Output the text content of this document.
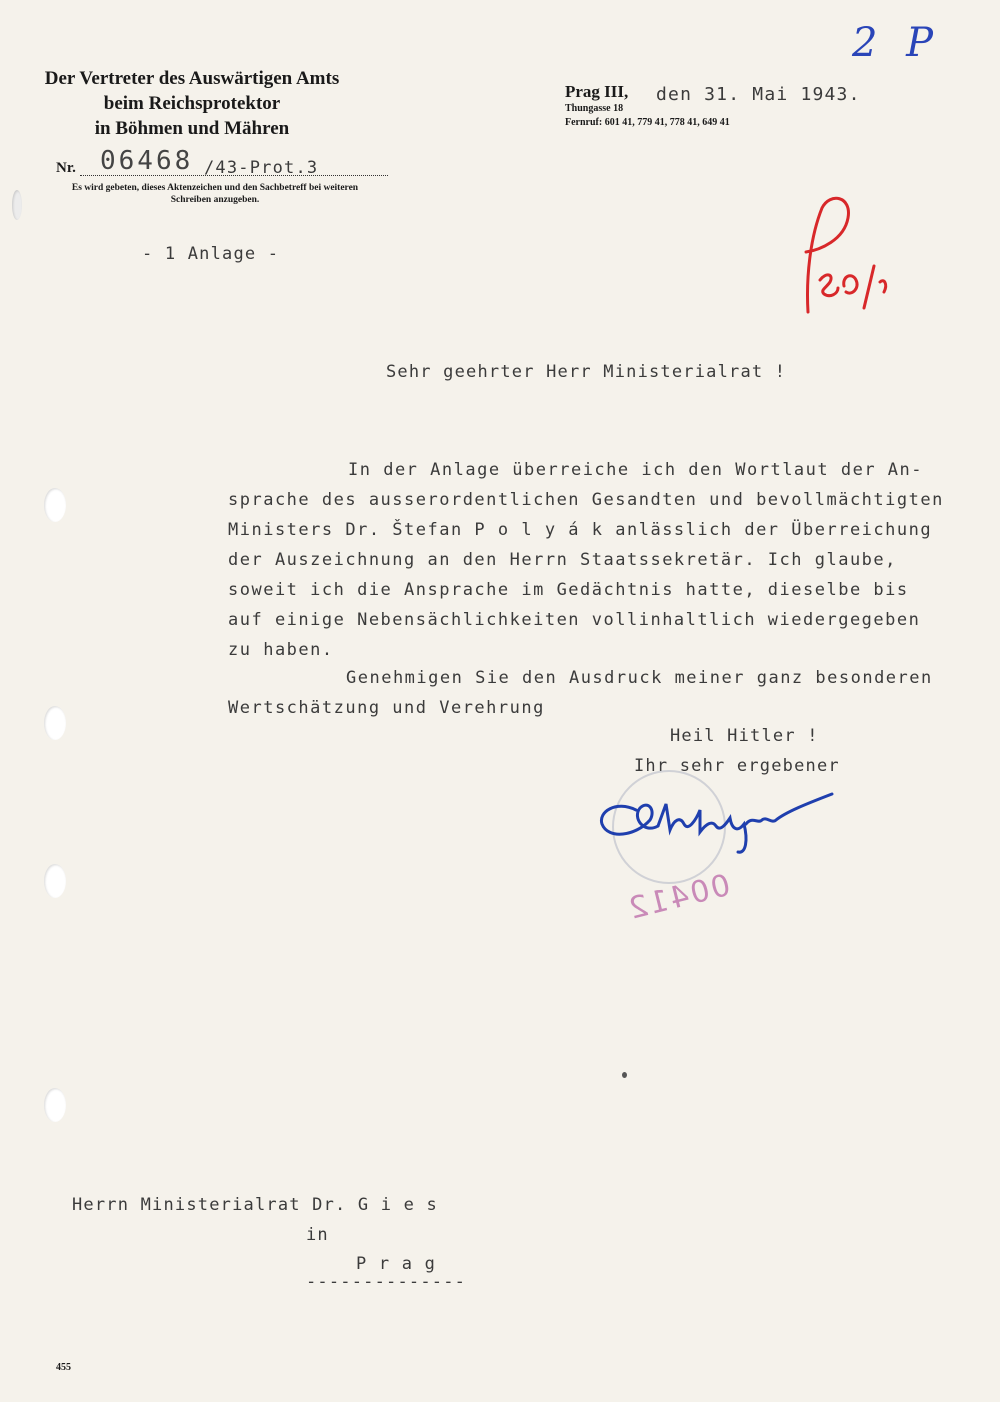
Der Vertreter des Auswärtigen Amts
beim Reichsprotektor
in Böhmen und Mähren
Nr. 06468 /43-Prot.3
Es wird gebeten, dieses Aktenzeichen und den Sachbetreff bei weiteren
Schreiben anzugeben.
Prag III,
Thungasse 18
Fernruf: 601 41, 779 41, 778 41, 649 41
den 31. Mai 1943.
2 P
- 1 Anlage -
Sehr geehrter Herr Ministerialrat !
In der Anlage überreiche ich den Wortlaut der An-
sprache des ausserordentlichen Gesandten und bevollmächtigten
Ministers Dr. Štefan P o l y á k anlässlich der Überreichung
der Auszeichnung an den Herrn Staatssekretär. Ich glaube,
soweit ich die Ansprache im Gedächtnis hatte, dieselbe bis
auf einige Nebensächlichkeiten vollinhaltlich wiedergegeben
zu haben.
Genehmigen Sie den Ausdruck meiner ganz besonderen
Wertschätzung und Verehrung
Heil Hitler !
Ihr sehr ergebener
00412
Herrn Ministerialrat Dr. G i e s
in
P r a g
--------------
455
